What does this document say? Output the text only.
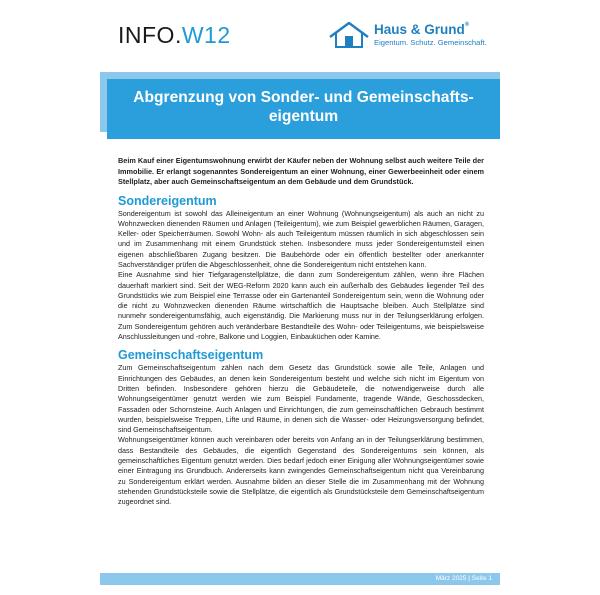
INFO.W12	Haus & Grund®
Eigentum. Schutz. Gemeinschaft.
Abgrenzung von Sonder- und Gemeinschafts-
eigentum

Beim Kauf einer Eigentumswohnung erwirbt der Käufer neben der Wohnung selbst auch weitere Teile der Immobilie. Er erlangt sogenanntes Sondereigentum an einer Wohnung, einer Gewerbeeinheit oder einem Stellplatz, aber auch Gemeinschaftseigentum an dem Gebäude und dem Grundstück.

Sondereigentum

Sondereigentum ist sowohl das Alleineigentum an einer Wohnung (Wohnungseigentum) als auch an nicht zu Wohnzwecken dienenden Räumen und Anlagen (Teileigentum), wie zum Beispiel gewerblichen Räumen, Garagen, Keller- oder Speicherräumen. Sowohl Wohn- als auch Teileigentum müssen räumlich in sich abgeschlossen sein und im Zusammenhang mit einem Grundstück stehen. Insbesondere muss jeder Sondereigentumsteil einen eigenen abschließbaren Zugang besitzen. Die Baubehörde oder ein öffentlich bestellter oder anerkannter Sachverständiger prüfen die Abgeschlossenheit, ohne die Sondereigentum nicht entstehen kann.

Eine Ausnahme sind hier Tiefgaragenstellplätze, die dann zum Sondereigentum zählen, wenn ihre Flächen dauerhaft markiert sind. Seit der WEG-Reform 2020 kann auch ein außerhalb des Gebäudes liegender Teil des Grundstücks wie zum Beispiel eine Terrasse oder ein Gartenanteil Sondereigentum sein, wenn die Wohnung oder die nicht zu Wohnzwecken dienenden Räume wirtschaftlich die Hauptsache bleiben. Auch Stellplätze sind nunmehr sondereigentumsfähig, auch eigenständig. Die Markierung muss nur in der Teilungserklärung erfolgen. Zum Sondereigentum gehören auch veränderbare Bestandteile des Wohn- oder Teileigentums, wie beispielsweise Anschlussleitungen und -rohre, Balkone und Loggien, Einbauküchen oder Kamine.

Gemeinschaftseigentum

Zum Gemeinschaftseigentum zählen nach dem Gesetz das Grundstück sowie alle Teile, Anlagen und Einrichtungen des Gebäudes, an denen kein Sondereigentum besteht und welche sich nicht im Eigentum von Dritten befinden. Insbesondere gehören hierzu die Gebäudeteile, die notwendigerweise durch alle Wohnungseigentümer genutzt werden wie zum Beispiel Fundamente, tragende Wände, Geschossdecken, Fassaden oder Schornsteine. Auch Anlagen und Einrichtungen, die zum gemeinschaftlichen Gebrauch bestimmt wurden, beispielsweise Treppen, Lifte und Räume, in denen sich die Wasser- oder Heizungsversorgung befindet, sind Gemeinschaftseigentum.

Wohnungseigentümer können auch vereinbaren oder bereits von Anfang an in der Teilungserklärung bestimmen, dass Bestandteile des Gebäudes, die eigentlich Gegenstand des Sondereigentums sein können, als gemeinschaftliches Eigentum genutzt werden. Dies bedarf jedoch einer Einigung aller Wohnungseigentümer sowie einer Eintragung ins Grundbuch. Andererseits kann zwingendes Gemeinschaftseigentum nicht qua Vereinbarung zu Sondereigentum erklärt werden. Ausnahme bilden an dieser Stelle die im Zusammenhang mit der Wohnung stehenden Grundstücksteile sowie die Stellplätze, die eigentlich als Grundstücksteile dem Gemeinschaftseigentum zugeordnet sind.

März 2025 | Seite 1
